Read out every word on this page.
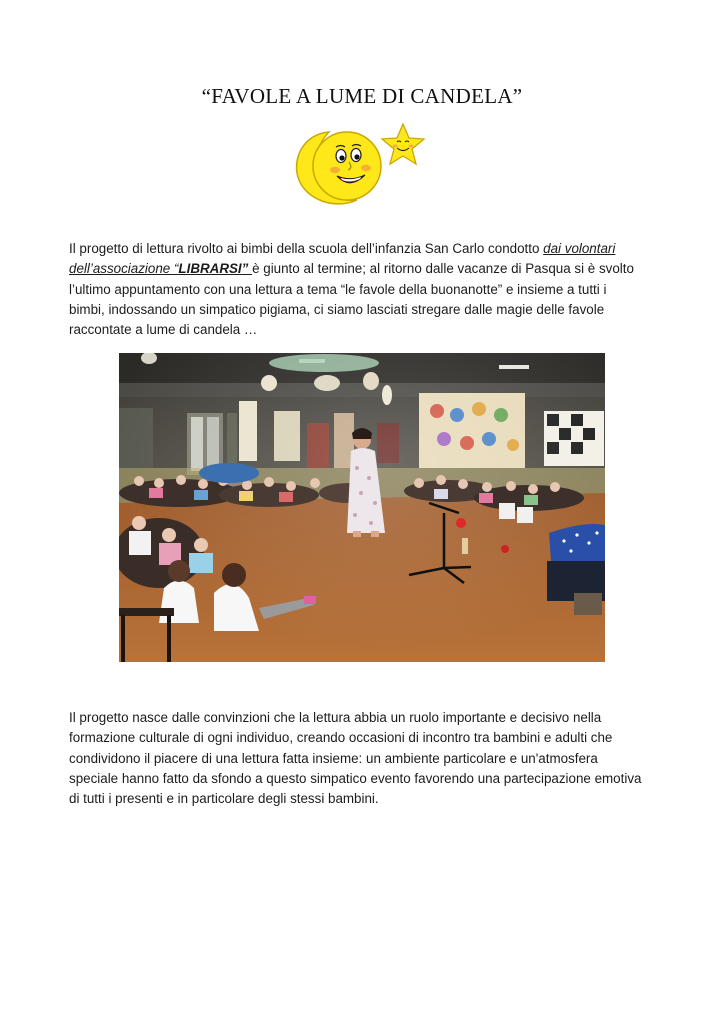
“FAVOLE A LUME DI CANDELA”
Il progetto di lettura rivolto ai bimbi della scuola dell’infanzia San Carlo condotto dai volontari
dell’associazione “LIBRARSI” è giunto al termine; al ritorno dalle vacanze di Pasqua si è svolto
l’ultimo appuntamento con una lettura a tema “le favole della buonanotte” e insieme a tutti i
bimbi, indossando un simpatico pigiama, ci siamo lasciati stregare dalle magie delle favole
raccontate a lume di candela …
Il progetto nasce dalle convinzioni che la lettura abbia un ruolo importante e decisivo nella
formazione culturale di ogni individuo, creando occasioni di incontro tra bambini e adulti che
condividono il piacere di una lettura fatta insieme: un ambiente particolare e un'atmosfera
speciale hanno fatto da sfondo a questo simpatico evento favorendo una partecipazione emotiva
di tutti i presenti e in particolare degli stessi bambini.
